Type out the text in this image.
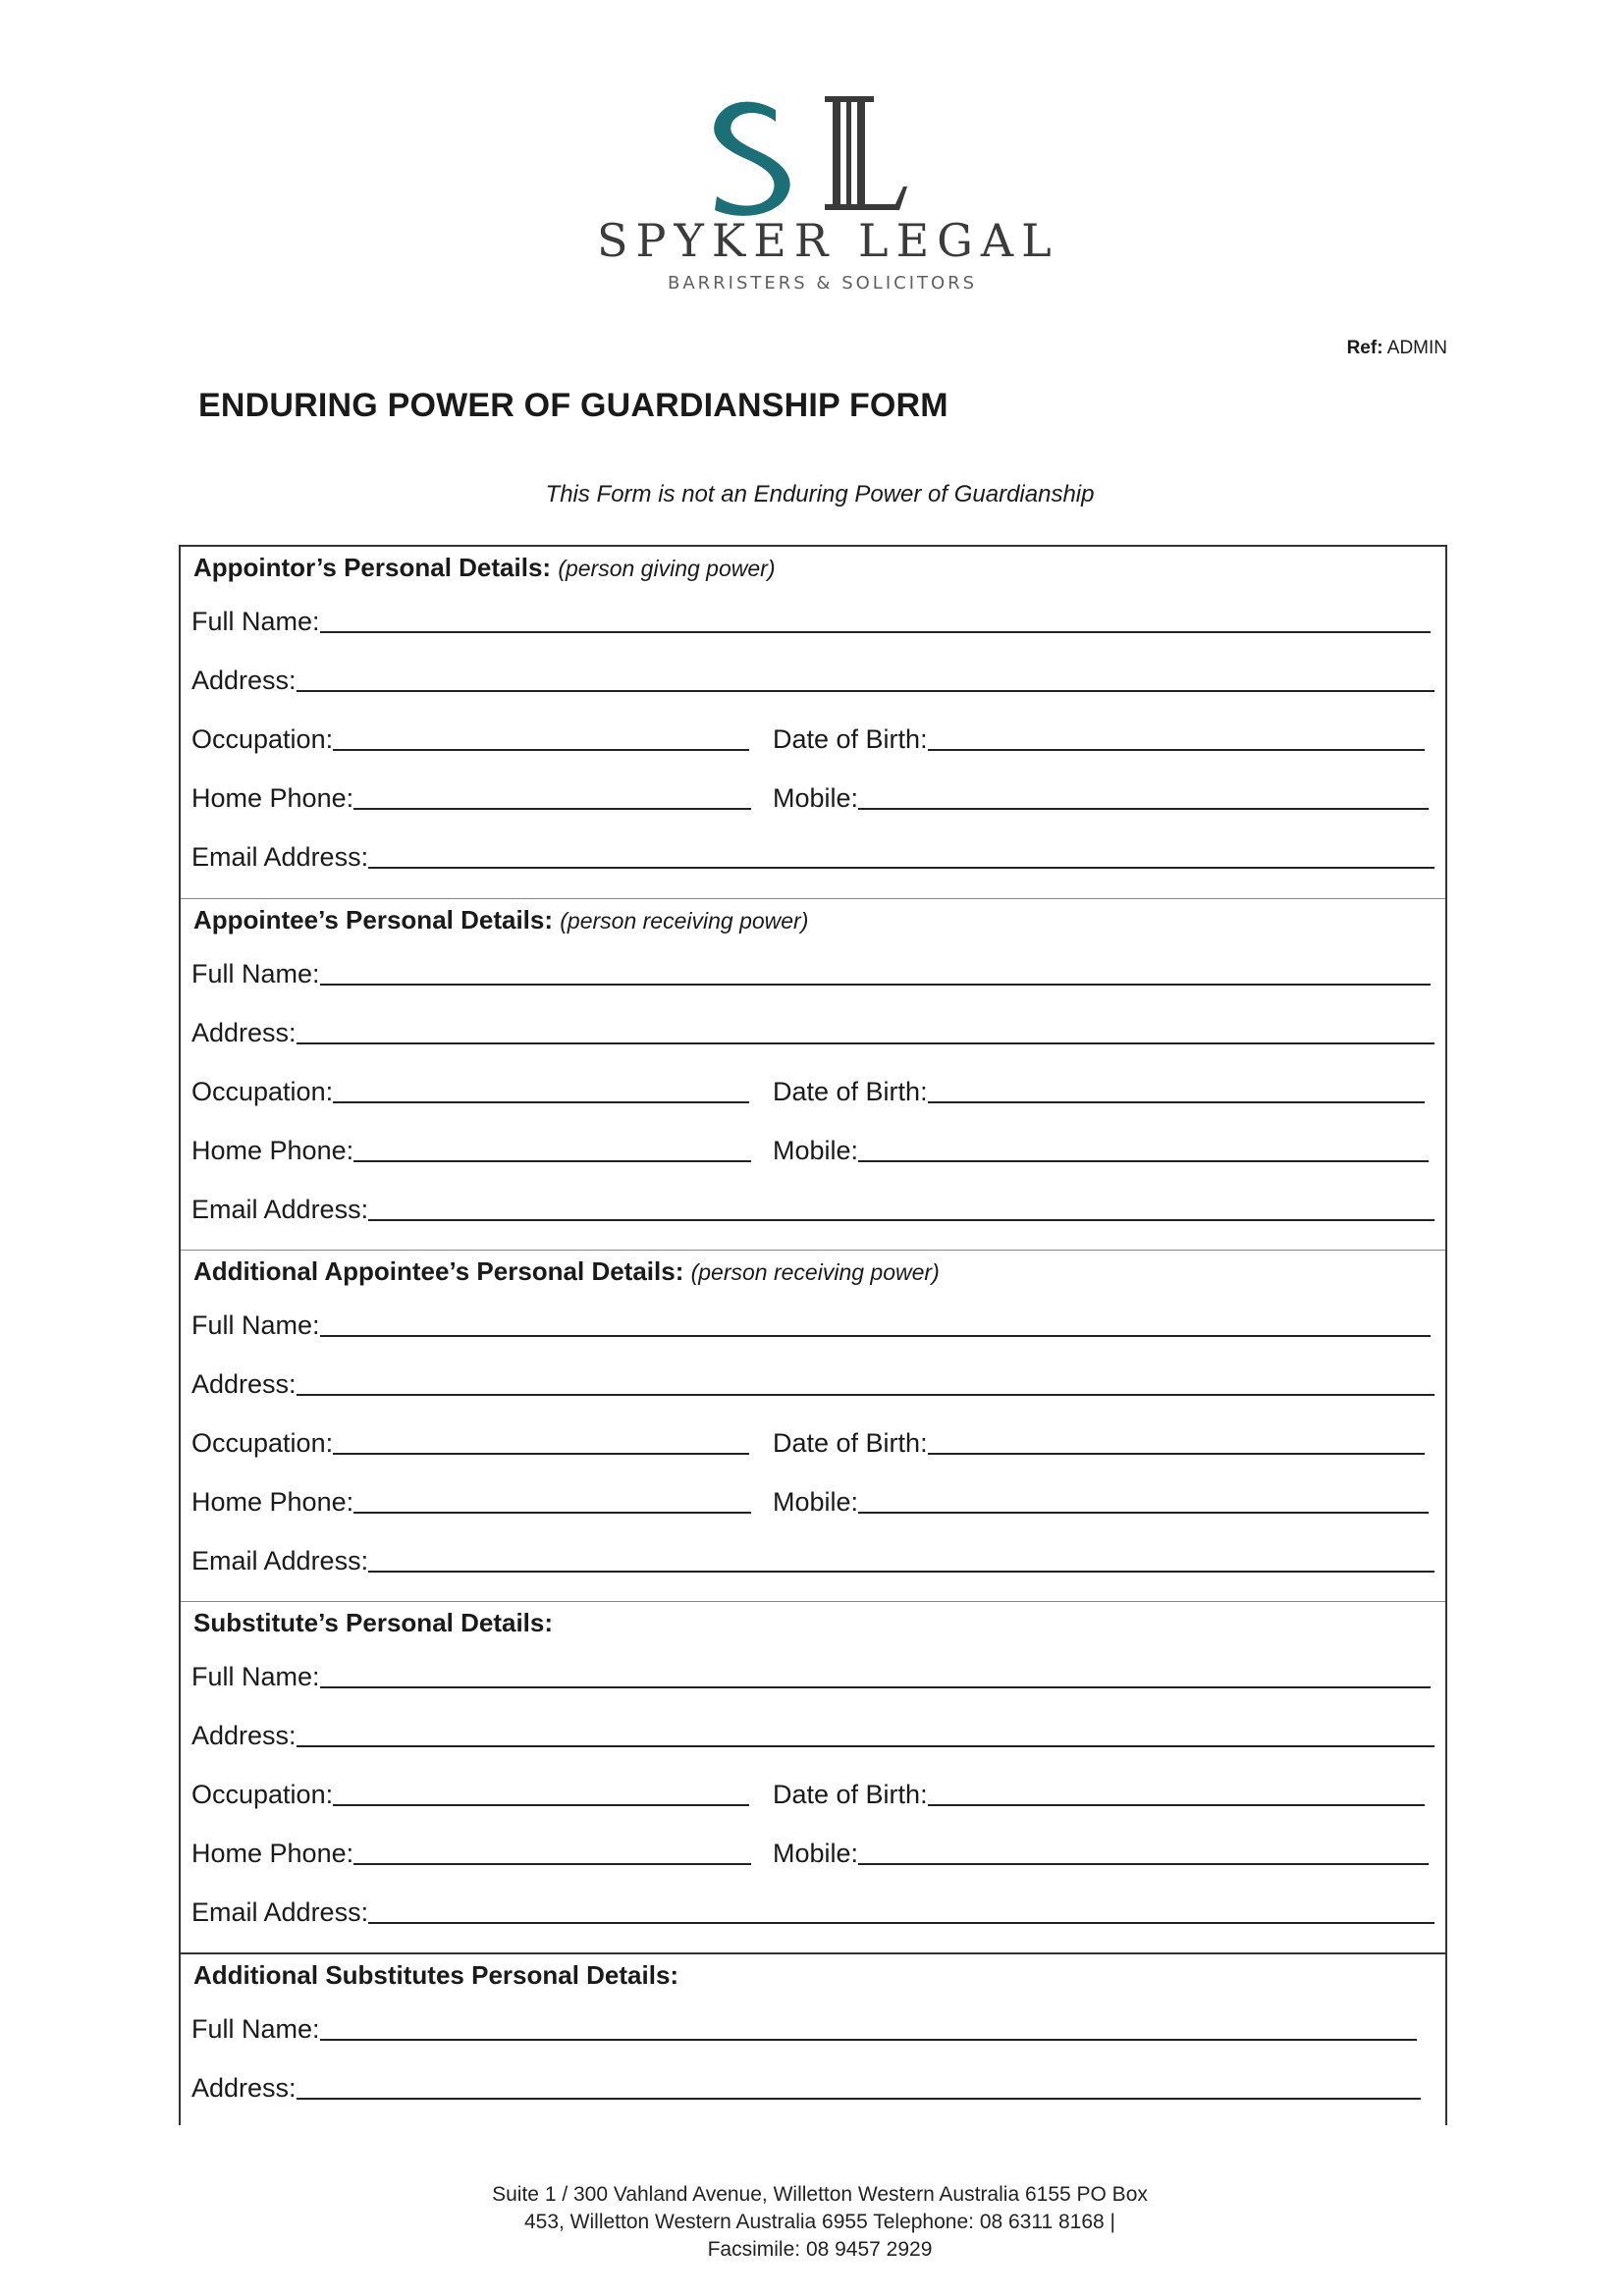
SPYKER LEGAL
BARRISTERS & SOLICITORS
Ref: ADMIN
ENDURING POWER OF GUARDIANSHIP FORM
This Form is not an Enduring Power of Guardianship
Appointor’s Personal Details: (person giving power)
Full Name:
Address:
Occupation:	Date of Birth:
Home Phone:	Mobile:
Email Address:
Appointee’s Personal Details: (person receiving power)
Full Name:
Address:
Occupation:	Date of Birth:
Home Phone:	Mobile:
Email Address:
Additional Appointee’s Personal Details: (person receiving power)
Full Name:
Address:
Occupation:	Date of Birth:
Home Phone:	Mobile:
Email Address:
Substitute’s Personal Details:
Full Name:
Address:
Occupation:	Date of Birth:
Home Phone:	Mobile:
Email Address:
Additional Substitutes Personal Details:
Full Name:
Address:
Suite 1 / 300 Vahland Avenue, Willetton Western Australia 6155 PO Box
453, Willetton Western Australia 6955 Telephone: 08 6311 8168 |
Facsimile: 08 9457 2929
